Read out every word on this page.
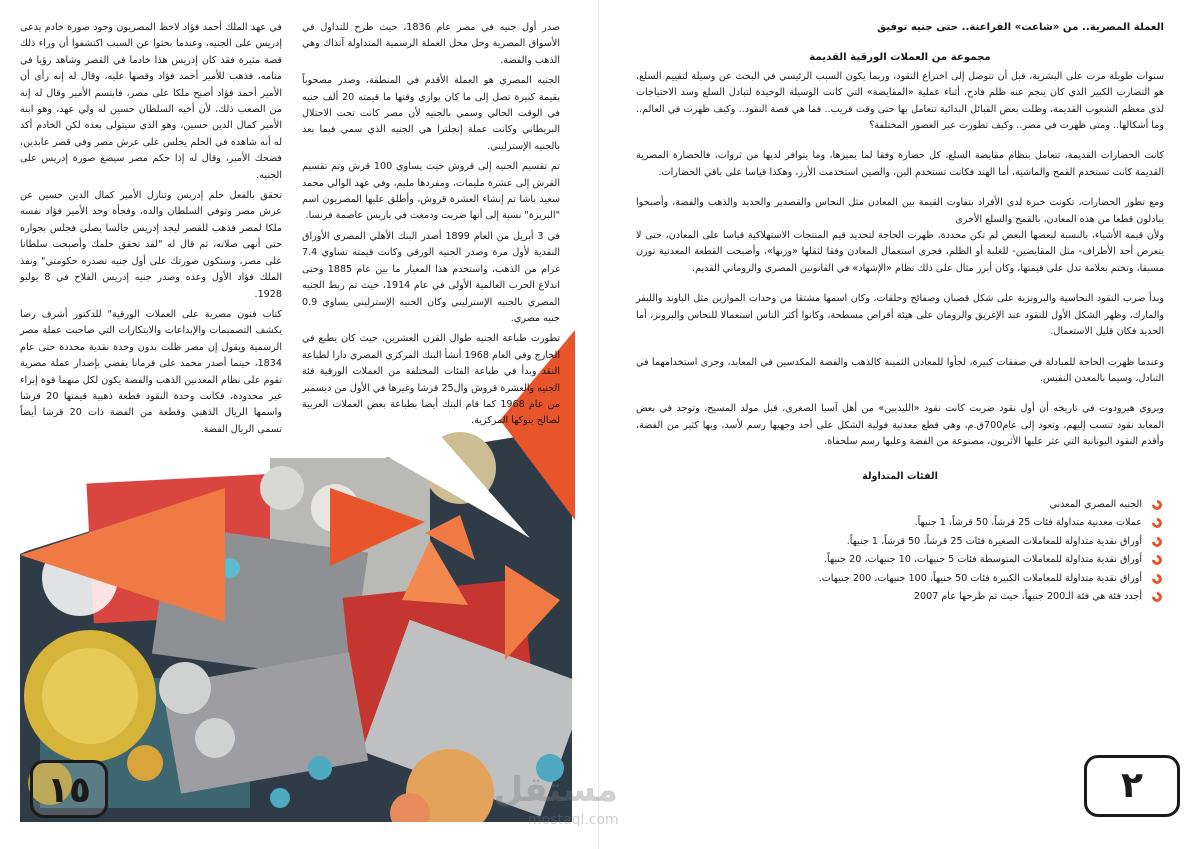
العملة المصرية.. من «شاعت» الفراعنة.. حتى جنيه توفيق
مجموعة من العملات الورقية القديمة

سنوات طويلة مرت على البشرية، قبل أن تتوصل إلى اختراع النقود، وربما يكون السبب الرئيسي في البحث عن وسيلة لتقييم السلع، هو التضارب الكبير الذي كان ينجم عنه ظلم فادح، أثناء عملية «المقايضة» التي كانت الوسيلة الوحيدة لتبادل السلع وسد الاحتياجات لدى معظم الشعوب القديمة، وظلت بعض القبائل البدائية تتعامل بها حتى وقت قريب.. فما هي قصة النقود.. وكيف ظهرت في العالم.. وما أشكالها.. ومتى ظهرت في مصر.. وكيف تطورت عبر العصور المختلفة؟

كانت الحضارات القديمة، تتعامل بنظام مقايضة السلع، كل حضارة وفقا لما يميزها، وما يتوافر لديها من ثروات، فالحضارة المصرية القديمة كانت تستخدم القمح والماشية، أما الهند فكانت تستخدم البن، والصين استخدمت الأرز، وهكذا قياسا على باقي الحضارات.

ومع تطور الحضارات، تكونت خبرة لدى الأفراد بتفاوت القيمة بين المعادن مثل النحاس والقصدير والحديد والذهب والفضة، وأصبحوا يبادلون قطعا من هذه المعادن، بالقمح والسلع الأخرى
ولأن قيمة الأشياء، بالنسبة لبعضها البعض لم تكن محددة، ظهرت الحاجة لتحديد قيم المنتجات الاستهلاكية قياسا على المعادن، حتى لا يتعرض أحد الأطراف- مثل المقايضين- للغلبة أو الظلم، فجرى استعمال المعادن وفقا لثقلها «وزنها»، وأصبحت القطعة المعدنية توزن مسبقا، وتختم بعلامة تدل على قيمتها، وكان أبرز مثال على ذلك نظام «الإشهاد» في القانونين المصري والروماني القديم.

وبدأ ضرب النقود النحاسية والبرونزية على شكل قضبان وصفائح وحلقات، وكان اسمها مشتقا من وحدات الموازين مثل الباوند والليفر والمارك، وظهر الشكل الأول للنقود عند الإغريق والرومان على هيئة أقراص مسطحة، وكانوا أكثر الناس استعمالا للنحاس والبرونز، أما الحديد فكان قليل الاستعمال.

وعندما ظهرت الحاجة للمبادلة في صفقات كبيرة، لجأوا للمعادن الثمينة كالذهب والفضة المكدسين في المعابد، وجرى استخدامهما في التبادل، وسيما بالمعدن النفيس.

ويروي هيرودوت في تاريخه أن أول نقود ضربت كانت نقود «الليديين» من أهل آسيا الصغرى، قبل مولد المسيح، وتوجد في بعض المعابد نقود تنسب إليهم، وتعود إلى عام700ق.م، وهي قطع معدنية فولية الشكل على أحد وجهيها رسم لأسد، وبها كثير من الفضة، وأقدم النقود اليونانية التي عثر عليها الأثريون، مصنوعة من الفضة وعليها رسم سلحفاة.

الفئات المتداولة
الجنيه المصري المعدني
عملات معدنية متداولة فئات 25 قرشاً، 50 قرشاً، 1 جنيهاً.
أوراق نقدية متداولة للمعاملات الصغيرة فئات 25 قرشاً، 50 قرشاً، 1 جنيهاً.
أوراق نقدية متداولة للمعاملات المتوسطة فئات 5 جنيهات، 10 جنيهات، 20 جنيهاً.
أوراق نقدية متداولة للمعاملات الكبيرة فئات 50 جنيهاً، 100 جنيهات، 200 جنيهات.
أجدد فئة هي فئة الـ200 جنيهاً، حيث تم طرحها عام 2007
٢

صدر أول جنيه في مصر عام 1836، حيث طرح للتداول في الأسواق المصرية وحل محل العملة الرسمية المتداولة آنذاك وهي الذهب والفضة.

الجنيه المصري هو العملة الأقدم في المنطقة، وصدر مصحوباً بقيمة كبيرة تصل إلى ما كان يوازي وقتها ما قيمته 20 ألف جنيه في الوقت الحالي وسمي بالجنيه لأن مصر كانت تحت الاحتلال البريطاني وكانت عملة إنجلترا هي الجنيه الذي سمي فيما بعد بالجنيه الإسترليني.

تم تقسيم الجنيه إلى قروش حيث يساوي 100 قرش وتم تقسيم القرش إلى عشرة مليمات، ومفردها مليم، وفي عهد الوالي محمد سعيد باشا تم إنشاء العشرة قروش، وأطلق عليها المصريون اسم "البريزة" نسبة إلى أنها ضربت ودمغت في باريس عاصمة فرنسا.

في 3 أبريل من العام 1899 أصدر البنك الأهلي المصري الأوراق النقدية لأول مرة وصدر الجنيه الورقي وكانت قيمته تساوي 7.4 غرام من الذهب، واستخدم هذا المعيار ما بين عام 1885 وحتى اندلاع الحرب العالمية الأولى في عام 1914، حيث تم ربط الجنيه المصري بالجنيه الإسترليني وكان الجنيه الإسترليني يساوي 0.9 جنيه مصري.

تطورت طباعة الجنيه طوال القرن العشرين، حيث كان يطبع في الخارج وفي العام 1968 أنشأ البنك المركزي المصري دارا لطباعة النقد وبدأ في طباعة الفئات المختلفة من العملات الورقية فئة الجنيه والعشرة قروش وال25 قرشا وغيرها في الأول من ديسمبر من عام 1968 كما قام البنك أيضا بطباعة بعض العملات العربية لصالح بنوكها المركزية.

في عهد الملك أحمد فؤاد لاحظ المصريون وجود صورة خادم يدعى إدريس على الجنيه، وعندما بحثوا عن السبب اكتشفوا أن وراء ذلك قصة مثيرة فقد كان إدريس هذا خادما في القصر وشاهد رؤيا في منامه، فذهب للأمير أحمد فؤاد وقصها عليه، وقال له إنه رأى أن الأمير أحمد فؤاد أصبح ملكا على مصر، فابتسم الأمير وقال له إنه من الصعب ذلك، لأن أخيه السلطان حسين له ولي عهد، وهو ابنه الأمير كمال الدين حسين، وهو الذي سيتولى بعده لكن الخادم أكد له أنه شاهده في الحلم يجلس على عرش مصر وفي قصر عابدين، فضحك الأمير، وقال له إذا حكم مصر سيضع صورة إدريس على الجنيه.

تحقق بالفعل حلم إدريس وتنازل الأمير كمال الدين حسين عن عرش مصر وتوفي السلطان والده، وفجأة وجد الأمير فؤاد نفسه ملكا لمصر فذهب للقصر ليجد إدريس جالسا يصلي فجلس بجواره حتى أنهى صلاته، ثم قال له "لقد تحقق حلمك وأصبحت سلطانا على مصر، وستكون صورتك على أول جنيه تصدره حكومتي" ونفذ الملك فؤاد الأول وعده وصدر جنيه إدريس الفلاح في 8 يوليو 1928.

كتاب فنون مصرية على العملات الورقية" للدكتور أشرف رضا يكشف التصميمات والإبداعات والابتكارات التي صاحبت عملة مصر الرسمية ويقول إن مصر ظلت بدون وحدة نقدية محددة حتى عام 1834، حينما أصدر محمد على فرمانا يقضي بإصدار عملة مصرية تقوم على نظام المعدنين الذهب والفضة يكون لكل منهما قوة إبراء غير محدودة، فكانت وحدة النقود قطعة ذهبية قيمتها 20 قرشا واسمها الريال الذهبي وقطعة من الفضة ذات 20 قرشا أيضاً تسمى الريال الفضة.

١٥	مستقل
mostaql.com
